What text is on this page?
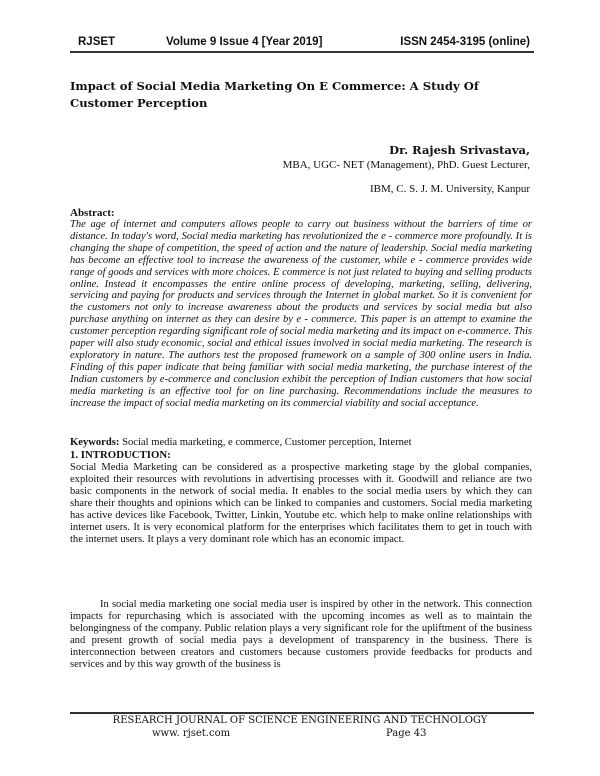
RJSET	Volume 9 Issue 4 [Year 2019]	ISSN 2454-3195 (online)
Impact of Social Media Marketing On E Commerce: A Study Of Customer Perception
Dr. Rajesh Srivastava,
MBA, UGC- NET (Management), PhD. Guest Lecturer,
IBM, C. S. J. M. University, Kanpur
Abstract:

The age of internet and computers allows people to carry out business without the barriers of time or distance. In today's word, Social media marketing has revolutionized the e - commerce more profoundly. It is changing the shape of competition, the speed of action and the nature of leadership. Social media marketing has become an effective tool to increase the awareness of the customer, while e - commerce provides wide range of goods and services with more choices. E commerce is not just related to buying and selling products online. Instead it encompasses the entire online process of developing, marketing, selling, delivering, servicing and paying for products and services through the Internet in global market. So it is convenient for the customers not only to increase awareness about the products and services by social media but also purchase anything on internet as they can desire by e - commerce. This paper is an attempt to examine the customer perception regarding significant role of social media marketing and its impact on e-commerce. This paper will also study economic, social and ethical issues involved in social media marketing. The research is exploratory in nature. The authors test the proposed framework on a sample of 300 online users in India. Finding of this paper indicate that being familiar with social media marketing, the purchase interest of the Indian customers by e-commerce and conclusion exhibit the perception of Indian customers that how social media marketing is an effective tool for on line purchasing. Recommendations include the measures to increase the impact of social media marketing on its commercial viability and social acceptance.

Keywords: Social media marketing, e commerce, Customer perception, Internet
1. INTRODUCTION:

Social Media Marketing can be considered as a prospective marketing stage by the global companies, exploited their resources with revolutions in advertising processes with it. Goodwill and reliance are two basic components in the network of social media. It enables to the social media users by which they can share their thoughts and opinions which can be linked to companies and customers. Social media marketing has active devices like Facebook, Twitter, Linkin, Youtube etc. which help to make online relationships with internet users. It is very economical platform for the enterprises which facilitates them to get in touch with the internet users. It plays a very dominant role which has an economic impact.

In social media marketing one social media user is inspired by other in the network. This connection impacts for repurchasing which is associated with the upcoming incomes as well as to maintain the belongingness of the company. Public relation plays a very significant role for the upliftment of the business and present growth of social media pays a development of transparency in the business. There is interconnection between creators and customers because customers provide feedbacks for products and services and by this way growth of the business is

RESEARCH JOURNAL OF SCIENCE ENGINEERING AND TECHNOLOGY
www. rjset.com	Page 43
